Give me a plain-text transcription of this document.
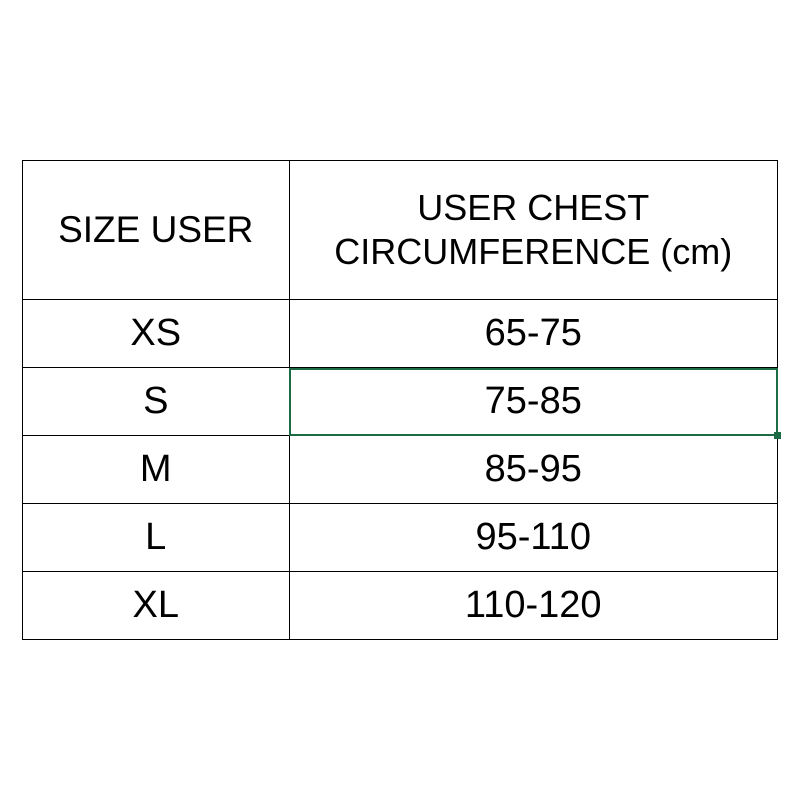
SIZE USER	USER CHEST
CIRCUMFERENCE (cm)

XS	65-75
S	75-85

M	85-95
L	95-110
XL	110-120
